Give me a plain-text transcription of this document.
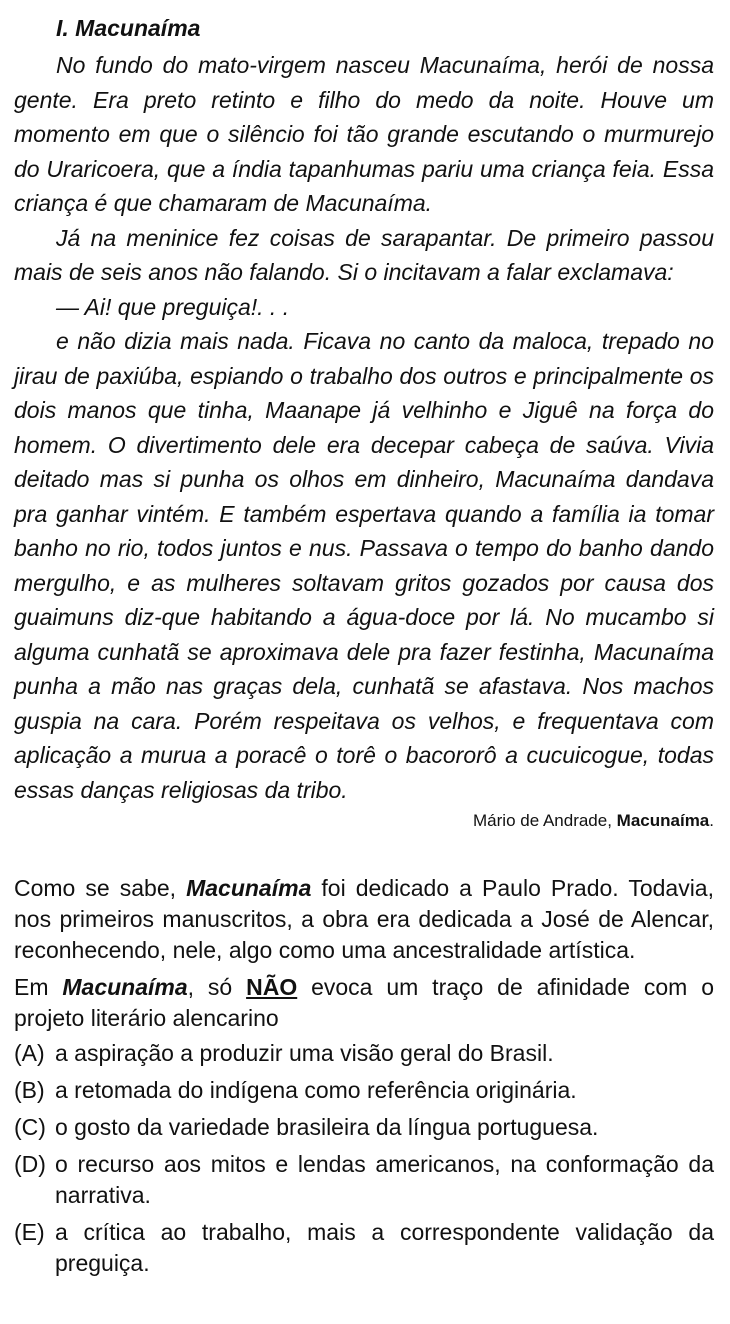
I. Macunaíma

No fundo do mato-virgem nasceu Macunaíma, herói de nossa gente. Era preto retinto e filho do medo da noite. Houve um momento em que o silêncio foi tão grande escutando o murmurejo do Uraricoera, que a índia tapanhumas pariu uma criança feia. Essa criança é que chamaram de Macunaíma.

Já na meninice fez coisas de sarapantar. De primeiro passou mais de seis anos não falando. Si o incitavam a falar exclamava:

— Ai! que preguiça!. . .

e não dizia mais nada. Ficava no canto da maloca, trepado no jirau de paxiúba, espiando o trabalho dos outros e principalmente os dois manos que tinha, Maanape já velhinho e Jiguê na força do homem. O divertimento dele era decepar cabeça de saúva. Vivia deitado mas si punha os olhos em dinheiro, Macunaíma dandava pra ganhar vintém. E também espertava quando a família ia tomar banho no rio, todos juntos e nus. Passava o tempo do banho dando mergulho, e as mulheres soltavam gritos gozados por causa dos guaimuns diz-que habitando a água-doce por lá. No mucambo si alguma cunhatã se aproximava dele pra fazer festinha, Macunaíma punha a mão nas graças dela, cunhatã se afastava. Nos machos guspia na cara. Porém respeitava os velhos, e frequentava com aplicação a murua a poracê o torê o bacororô a cucuicogue, todas essas danças religiosas da tribo.

Mário de Andrade, Macunaíma.

Como se sabe, Macunaíma foi dedicado a Paulo Prado. Todavia, nos primeiros manuscritos, a obra era dedicada a José de Alencar, reconhecendo, nele, algo como uma ancestralidade artística.

Em Macunaíma, só NÃO evoca um traço de afinidade com o projeto literário alencarino

(A) a aspiração a produzir uma visão geral do Brasil.
(B) a retomada do indígena como referência originária.
(C) o gosto da variedade brasileira da língua portuguesa.
(D) o recurso aos mitos e lendas americanos, na conformação da narrativa.
(E) a crítica ao trabalho, mais a correspondente validação da preguiça.
